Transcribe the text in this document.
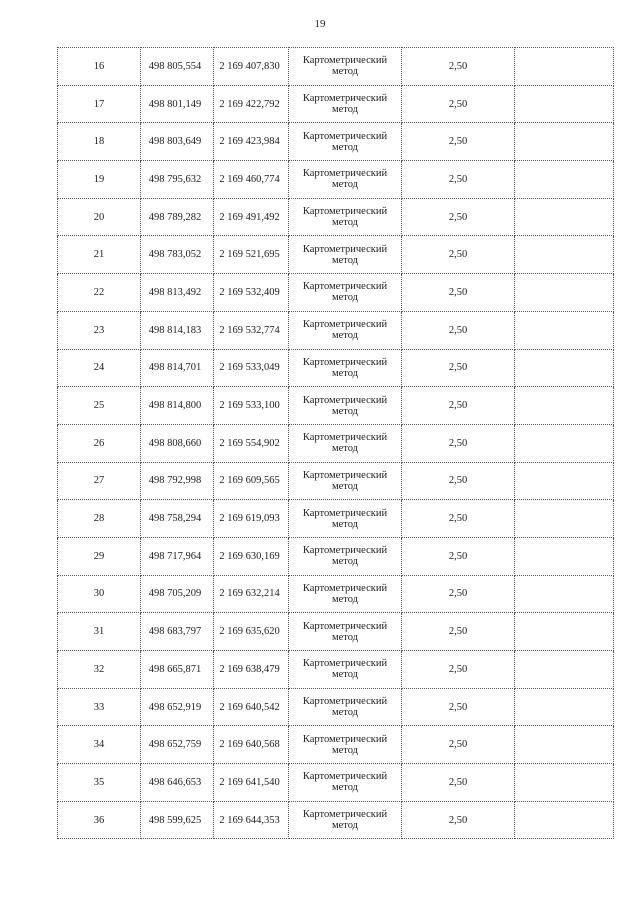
19
16	498 805,554	2 169 407,830	Картометрический метод	2,50	
17	498 801,149	2 169 422,792	Картометрический метод	2,50	
18	498 803,649	2 169 423,984	Картометрический метод	2,50	
19	498 795,632	2 169 460,774	Картометрический метод	2,50	
20	498 789,282	2 169 491,492	Картометрический метод	2,50	
21	498 783,052	2 169 521,695	Картометрический метод	2,50	
22	498 813,492	2 169 532,409	Картометрический метод	2,50	
23	498 814,183	2 169 532,774	Картометрический метод	2,50	
24	498 814,701	2 169 533,049	Картометрический метод	2,50	
25	498 814,800	2 169 533,100	Картометрический метод	2,50	
26	498 808,660	2 169 554,902	Картометрический метод	2,50	
27	498 792,998	2 169 609,565	Картометрический метод	2,50	
28	498 758,294	2 169 619,093	Картометрический метод	2,50	
29	498 717,964	2 169 630,169	Картометрический метод	2,50	
30	498 705,209	2 169 632,214	Картометрический метод	2,50	
31	498 683,797	2 169 635,620	Картометрический метод	2,50	
32	498 665,871	2 169 638,479	Картометрический метод	2,50	
33	498 652,919	2 169 640,542	Картометрический метод	2,50	
34	498 652,759	2 169 640,568	Картометрический метод	2,50	
35	498 646,653	2 169 641,540	Картометрический метод	2,50	
36	498 599,625	2 169 644,353	Картометрический метод	2,50	
